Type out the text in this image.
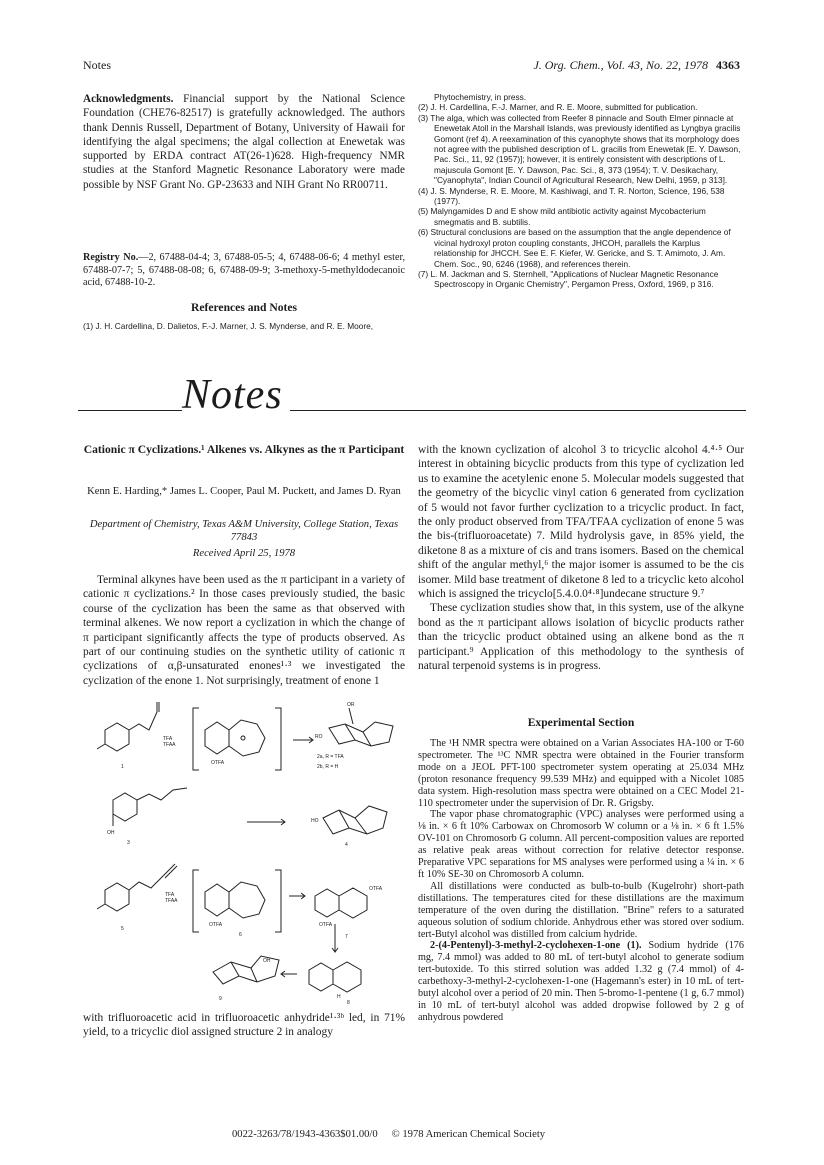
Notes	J. Org. Chem., Vol. 43, No. 22, 1978 4363
Acknowledgments. Financial support by the National Science Foundation (CHE76-82517) is gratefully acknowledged. The authors thank Dennis Russell, Department of Botany, University of Hawaii for identifying the algal specimens; the algal collection at Enewetak was supported by ERDA contract AT(26-1)628. High-frequency NMR studies at the Stanford Magnetic Resonance Laboratory were made possible by NSF Grant No. GP-23633 and NIH Grant No RR00711.
Registry No.—2, 67488-04-4; 3, 67488-05-5; 4, 67488-06-6; 4 methyl ester, 67488-07-7; 5, 67488-08-08; 6, 67488-09-9; 3-methoxy-5-methyldodecanoic acid, 67488-10-2.
References and Notes
(1) J. H. Cardellina, D. Dalietos, F.-J. Marner, J. S. Mynderse, and R. E. Moore,
Phytochemistry, in press.
(2) J. H. Cardellina, F.-J. Marner, and R. E. Moore, submitted for publication.
(3) The alga, which was collected from Reefer 8 pinnacle and South Elmer pinnacle at Enewetak Atoll in the Marshall Islands, was previously identified as Lyngbya gracilis Gomont (ref 4). A reexamination of this cyanophyte shows that its morphology does not agree with the published description of L. gracilis from Enewetak [E. Y. Dawson, Pac. Sci., 11, 92 (1957)]; however, it is entirely consistent with descriptions of L. majuscula Gomont [E. Y. Dawson, Pac. Sci., 8, 373 (1954); T. V. Desikachary, "Cyanophyta", Indian Council of Agricultural Research, New Delhi, 1959, p 313].
(4) J. S. Mynderse, R. E. Moore, M. Kashiwagi, and T. R. Norton, Science, 196, 538 (1977).
(5) Malyngamides D and E show mild antibiotic activity against Mycobacterium smegmatis and B. subtilis.
(6) Structural conclusions are based on the assumption that the angle dependence of vicinal hydroxyl proton coupling constants, JHCOH, parallels the Karplus relationship for JHCCH. See E. F. Kiefer, W. Gericke, and S. T. Amimoto, J. Am. Chem. Soc., 90, 6246 (1968), and references therein.
(7) L. M. Jackman and S. Sternhell, "Applications of Nuclear Magnetic Resonance Spectroscopy in Organic Chemistry", Pergamon Press, Oxford, 1969, p 316.
Notes
Cationic π Cyclizations.¹ Alkenes vs. Alkynes as the π Participant
Kenn E. Harding,* James L. Cooper, Paul M. Puckett, and James D. Ryan
Department of Chemistry, Texas A&M University, College Station, Texas 77843
Received April 25, 1978
Terminal alkynes have been used as the π participant in a variety of cationic π cyclizations.² In those cases previously studied, the basic course of the cyclization has been the same as that observed with terminal alkenes. We now report a cyclization in which the change of π participant significantly affects the type of products observed. As part of our continuing studies on the synthetic utility of cationic π cyclizations of α,β-unsaturated enones¹·³ we investigated the cyclization of the enone 1. Not surprisingly, treatment of enone 1
1
TFA
TFAA
OTFA
RO
OR
2a, R = TFA
2b, R = H
OH
3
HO
4
5
TFA
TFAA
OTFA
6
OTFA
OTFA
7
OH
9	H
8
with trifluoroacetic acid in trifluoroacetic anhydride¹·³ᵇ led, in 71% yield, to a tricyclic diol assigned structure 2 in analogy

with the known cyclization of alcohol 3 to tricyclic alcohol 4.⁴·⁵ Our interest in obtaining bicyclic products from this type of cyclization led us to examine the acetylenic enone 5. Molecular models suggested that the geometry of the bicyclic vinyl cation 6 generated from cyclization of 5 would not favor further cyclization to a tricyclic product. In fact, the only product observed from TFA/TFAA cyclization of enone 5 was the bis-(trifluoroacetate) 7. Mild hydrolysis gave, in 85% yield, the diketone 8 as a mixture of cis and trans isomers. Based on the chemical shift of the angular methyl,⁶ the major isomer is assumed to be the cis isomer. Mild base treatment of diketone 8 led to a tricyclic keto alcohol which is assigned the tricyclo[5.4.0.0⁴·⁸]undecane structure 9.⁷

These cyclization studies show that, in this system, use of the alkyne bond as the π participant allows isolation of bicyclic products rather than the tricyclic product obtained using an alkene bond as the π participant.⁹ Application of this methodology to the synthesis of natural terpenoid systems is in progress.

Experimental Section

The ¹H NMR spectra were obtained on a Varian Associates HA-100 or T-60 spectrometer. The ¹³C NMR spectra were obtained in the Fourier transform mode on a JEOL PFT-100 spectrometer system operating at 25.034 MHz (proton resonance frequency 99.539 MHz) and equipped with a Nicolet 1085 data system. High-resolution mass spectra were obtained on a CEC Model 21-110 spectrometer under the supervision of Dr. R. Grigsby.

The vapor phase chromatographic (VPC) analyses were performed using a ⅛ in. × 6 ft 10% Carbowax on Chromosorb W column or a ⅛ in. × 6 ft 1.5% OV-101 on Chromosorb G column. All percent-composition values are reported as relative peak areas without correction for relative detector response. Preparative VPC separations for MS analyses were performed using a ¼ in. × 6 ft 10% SE-30 on Chromosorb A column.

All distillations were conducted as bulb-to-bulb (Kugelrohr) short-path distillations. The temperatures cited for these distillations are the maximum temperature of the oven during the distillation. "Brine" refers to a saturated aqueous solution of sodium chloride. Anhydrous ether was stored over sodium. tert-Butyl alcohol was distilled from calcium hydride.

2-(4-Pentenyl)-3-methyl-2-cyclohexen-1-one (1). Sodium hydride (176 mg, 7.4 mmol) was added to 80 mL of tert-butyl alcohol to generate sodium tert-butoxide. To this stirred solution was added 1.32 g (7.4 mmol) of 4-carbethoxy-3-methyl-2-cyclohexen-1-one (Hagemann's ester) in 10 mL of tert-butyl alcohol over a period of 20 min. Then 5-bromo-1-pentene (1 g, 6.7 mmol) in 10 mL of tert-butyl alcohol was added dropwise followed by 2 g of anhydrous powdered

0022-3263/78/1943-4363$01.00/0 © 1978 American Chemical Society
